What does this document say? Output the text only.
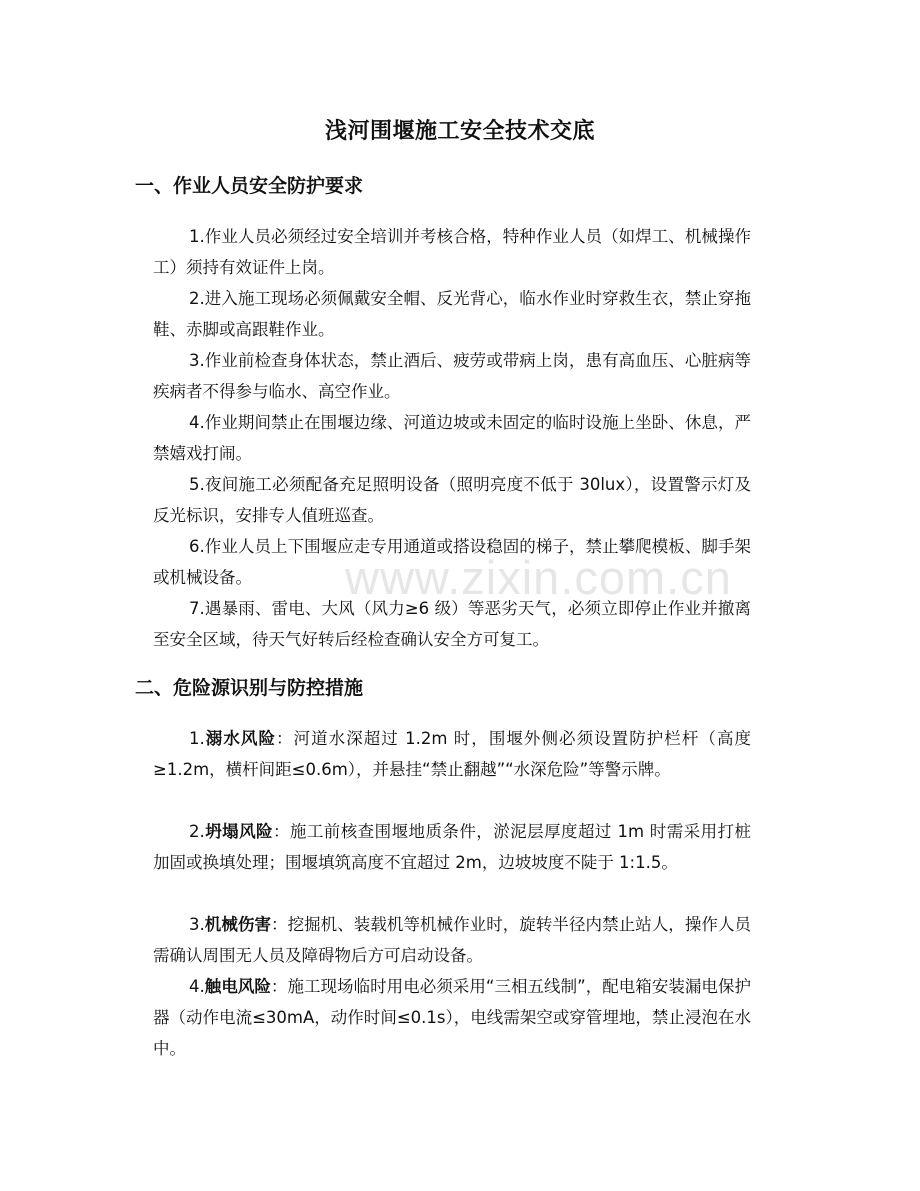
浅河围堰施工安全技术交底
一、作业人员安全防护要求
1.作业人员必须经过安全培训并考核合格，特种作业人员（如焊工、机械操作工）须持有效证件上岗。
2.进入施工现场必须佩戴安全帽、反光背心，临水作业时穿救生衣，禁止穿拖鞋、赤脚或高跟鞋作业。
3.作业前检查身体状态，禁止酒后、疲劳或带病上岗，患有高血压、心脏病等疾病者不得参与临水、高空作业。
4.作业期间禁止在围堰边缘、河道边坡或未固定的临时设施上坐卧、休息，严禁嬉戏打闹。
5.夜间施工必须配备充足照明设备（照明亮度不低于 30lux），设置警示灯及反光标识，安排专人值班巡查。
6.作业人员上下围堰应走专用通道或搭设稳固的梯子，禁止攀爬模板、脚手架或机械设备。
7.遇暴雨、雷电、大风（风力≥6 级）等恶劣天气，必须立即停止作业并撤离至安全区域，待天气好转后经检查确认安全方可复工。
二、危险源识别与防控措施
1.溺水风险：河道水深超过 1.2m 时，围堰外侧必须设置防护栏杆（高度≥1.2m，横杆间距≤0.6m），并悬挂“禁止翻越”“水深危险”等警示牌。
2.坍塌风险：施工前核查围堰地质条件，淤泥层厚度超过 1m 时需采用打桩加固或换填处理；围堰填筑高度不宜超过 2m，边坡坡度不陡于 1:1.5。
3.机械伤害：挖掘机、装载机等机械作业时，旋转半径内禁止站人，操作人员需确认周围无人员及障碍物后方可启动设备。
4.触电风险：施工现场临时用电必须采用“三相五线制”，配电箱安装漏电保护器（动作电流≤30mA，动作时间≤0.1s），电线需架空或穿管埋地，禁止浸泡在水中。
www.zixin.com.cn
